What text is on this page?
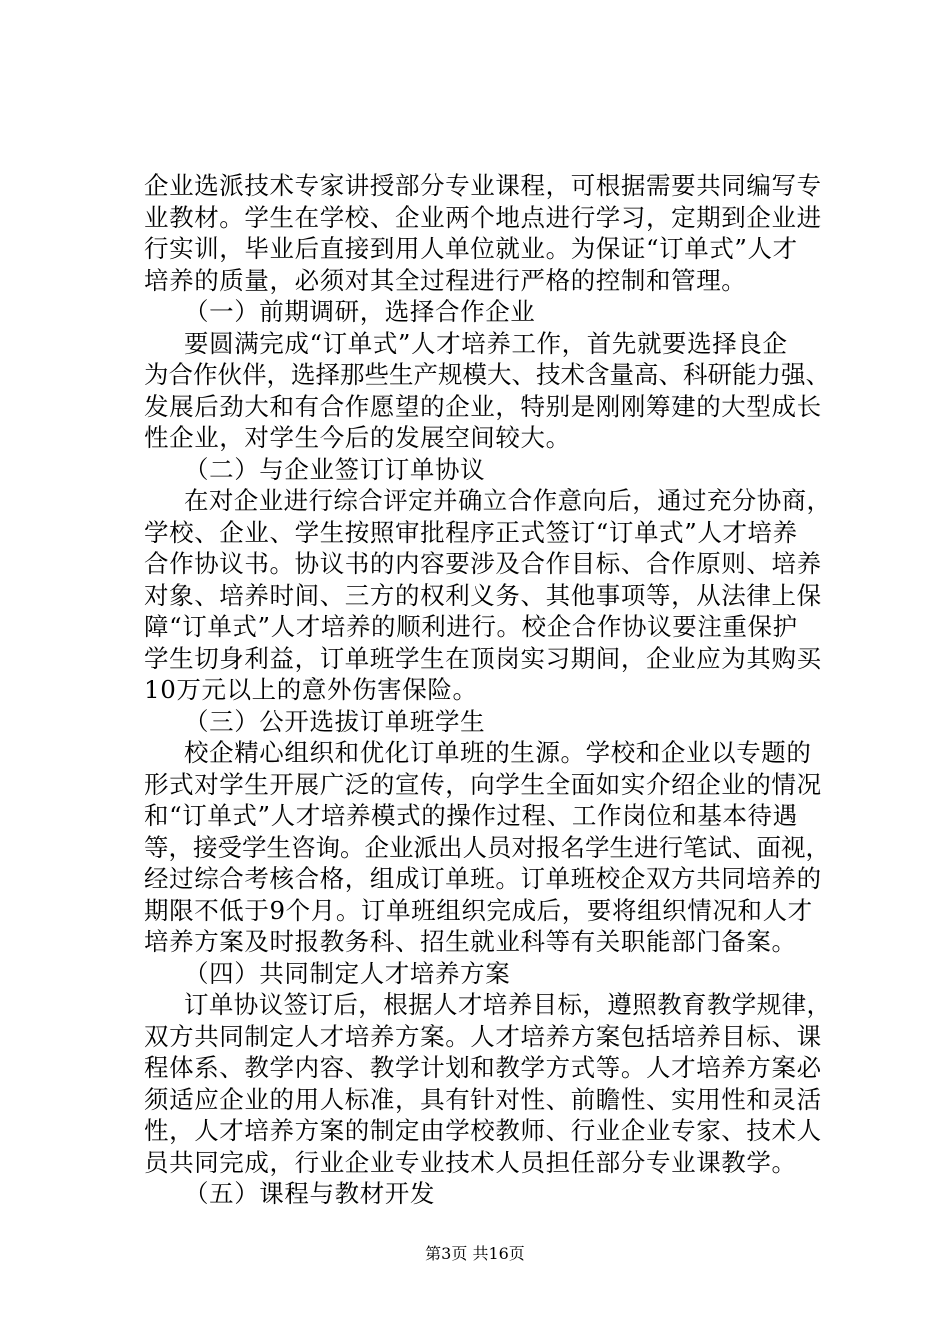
企业选派技术专家讲授部分专业课程，可根据需要共同编写专
业教材。学生在学校、企业两个地点进行学习，定期到企业进
行实训，毕业后直接到用人单位就业。为保证“订单式”人才
培养的质量，必须对其全过程进行严格的控制和管理。
（一）前期调研，选择合作企业
要圆满完成“订单式”人才培养工作，首先就要选择良企
为合作伙伴，选择那些生产规模大、技术含量高、科研能力强、
发展后劲大和有合作愿望的企业，特别是刚刚筹建的大型成长
性企业，对学生今后的发展空间较大。
（二）与企业签订订单协议
在对企业进行综合评定并确立合作意向后，通过充分协商，
学校、企业、学生按照审批程序正式签订“订单式”人才培养
合作协议书。协议书的内容要涉及合作目标、合作原则、培养
对象、培养时间、三方的权利义务、其他事项等，从法律上保
障“订单式”人才培养的顺利进行。校企合作协议要注重保护
学生切身利益，订单班学生在顶岗实习期间，企业应为其购买
10万元以上的意外伤害保险。
（三）公开选拔订单班学生
校企精心组织和优化订单班的生源。学校和企业以专题的
形式对学生开展广泛的宣传，向学生全面如实介绍企业的情况
和“订单式”人才培养模式的操作过程、工作岗位和基本待遇
等，接受学生咨询。企业派出人员对报名学生进行笔试、面视，
经过综合考核合格，组成订单班。订单班校企双方共同培养的
期限不低于9个月。订单班组织完成后，要将组织情况和人才
培养方案及时报教务科、招生就业科等有关职能部门备案。
（四）共同制定人才培养方案
订单协议签订后，根据人才培养目标，遵照教育教学规律，
双方共同制定人才培养方案。人才培养方案包括培养目标、课
程体系、教学内容、教学计划和教学方式等。人才培养方案必
须适应企业的用人标准，具有针对性、前瞻性、实用性和灵活
性，人才培养方案的制定由学校教师、行业企业专家、技术人
员共同完成，行业企业专业技术人员担任部分专业课教学。
（五）课程与教材开发
第3页 共16页
